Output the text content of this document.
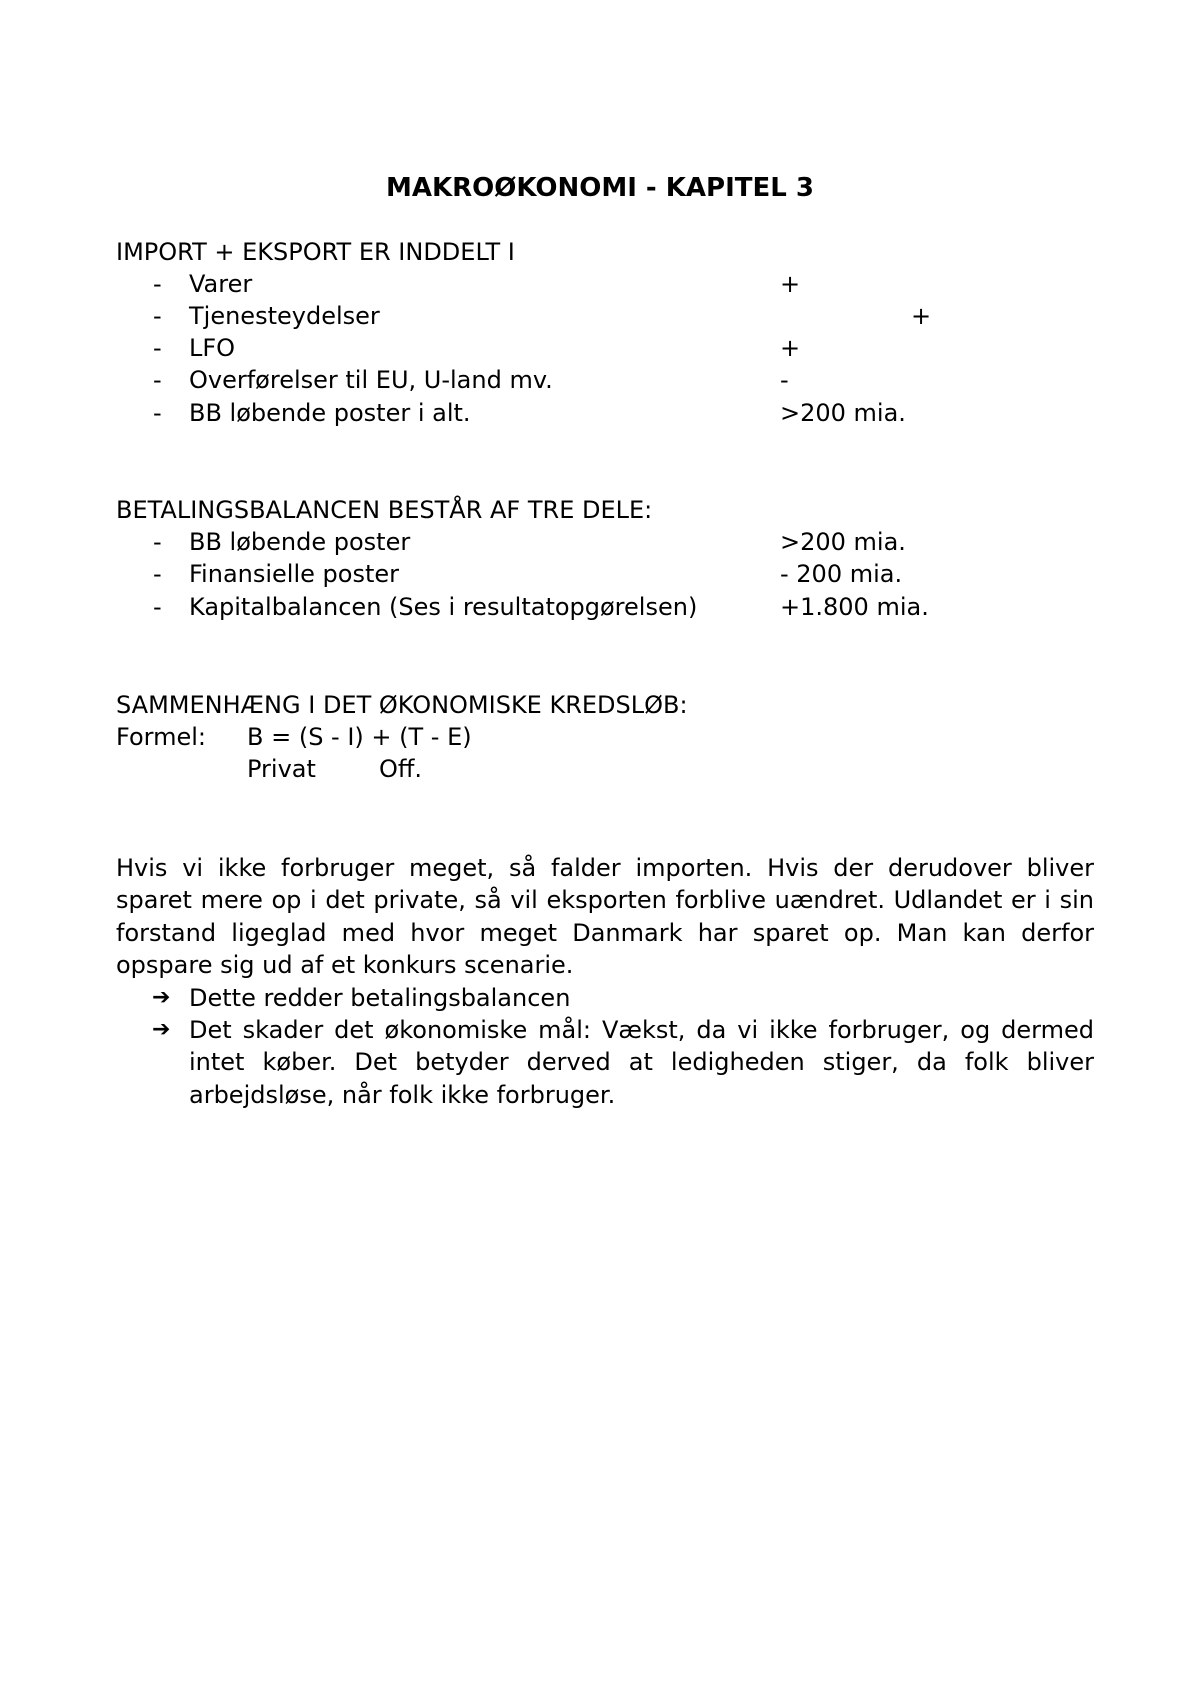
MAKROØKONOMI - KAPITEL 3
IMPORT + EKSPORT ER INDDELT I
- Varer	+
- Tjenesteydelser	+
- LFO	+
- Overførelser til EU, U-land mv.	-
- BB løbende poster i alt.	>200 mia.
BETALINGSBALANCEN BESTÅR AF TRE DELE:
- BB løbende poster	>200 mia.
- Finansielle poster	- 200 mia.
- Kapitalbalancen (Ses i resultatopgørelsen)	+1.800 mia.
SAMMENHÆNG I DET ØKONOMISKE KREDSLØB:
Formel: B = (S - I) + (T - E)
Privat	Off.
Hvis vi ikke forbruger meget, så falder importen. Hvis der derudover bliver sparet mere op i det private, så vil eksporten forblive uændret. Udlandet er i sin forstand ligeglad med hvor meget Danmark har sparet op. Man kan derfor opspare sig ud af et konkurs scenarie.
➔ Dette redder betalingsbalancen
➔ Det skader det økonomiske mål: Vækst, da vi ikke forbruger, og dermed intet køber. Det betyder derved at ledigheden stiger, da folk bliver arbejdsløse, når folk ikke forbruger.
